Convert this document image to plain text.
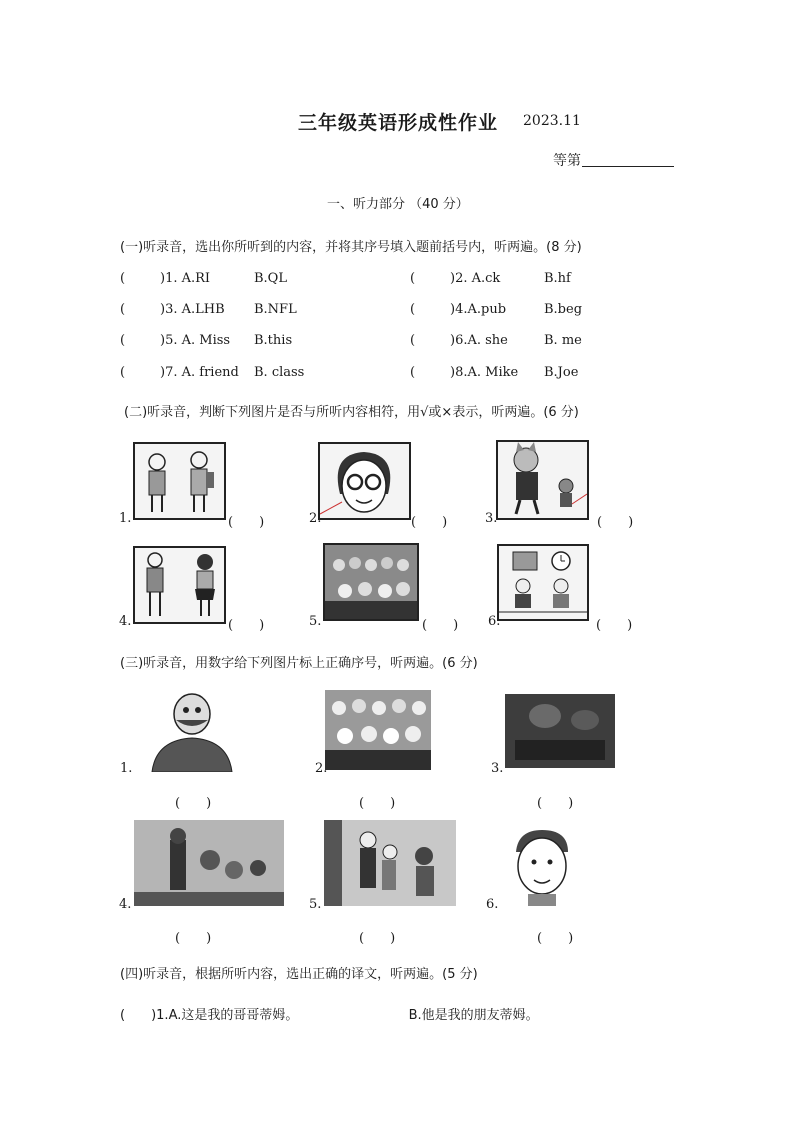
三年级英语形成性作业 2023.11
等第
一、听力部分 （40 分）
(一)听录音，选出你所听到的内容，并将其序号填入题前括号内，听两遍。(8 分)
(	)1. A.RI	B.QL	(	)2. A.ck	B.hf
(	)3. A.LHB B.NFL	(	)4.A.pub	B.beg
(	)5. A. Miss B.this	(	)6.A. she	B. me
(	)7. A. friend B. class	(	)8.A. Mike B.Joe
(二)听录音，判断下列图片是否与所听内容相符，用√或×表示，听两遍。(6 分)
1.	(　　)	2.	(　　)	3.	(　　)
4.	(　　)	5.	(　　) 6.	(　　)
(三)听录音，用数字给下列图片标上正确序号，听两遍。(6 分)
1.	2.	3.
(　　)	(　　)	(　　)
4.	5.	6.
(　　)	(　　)	(　　)
(四)听录音，根据所听内容，选出正确的译文，听两遍。(5 分)
(　　)1.A.这是我的哥哥蒂姆。	B.他是我的朋友蒂姆。
